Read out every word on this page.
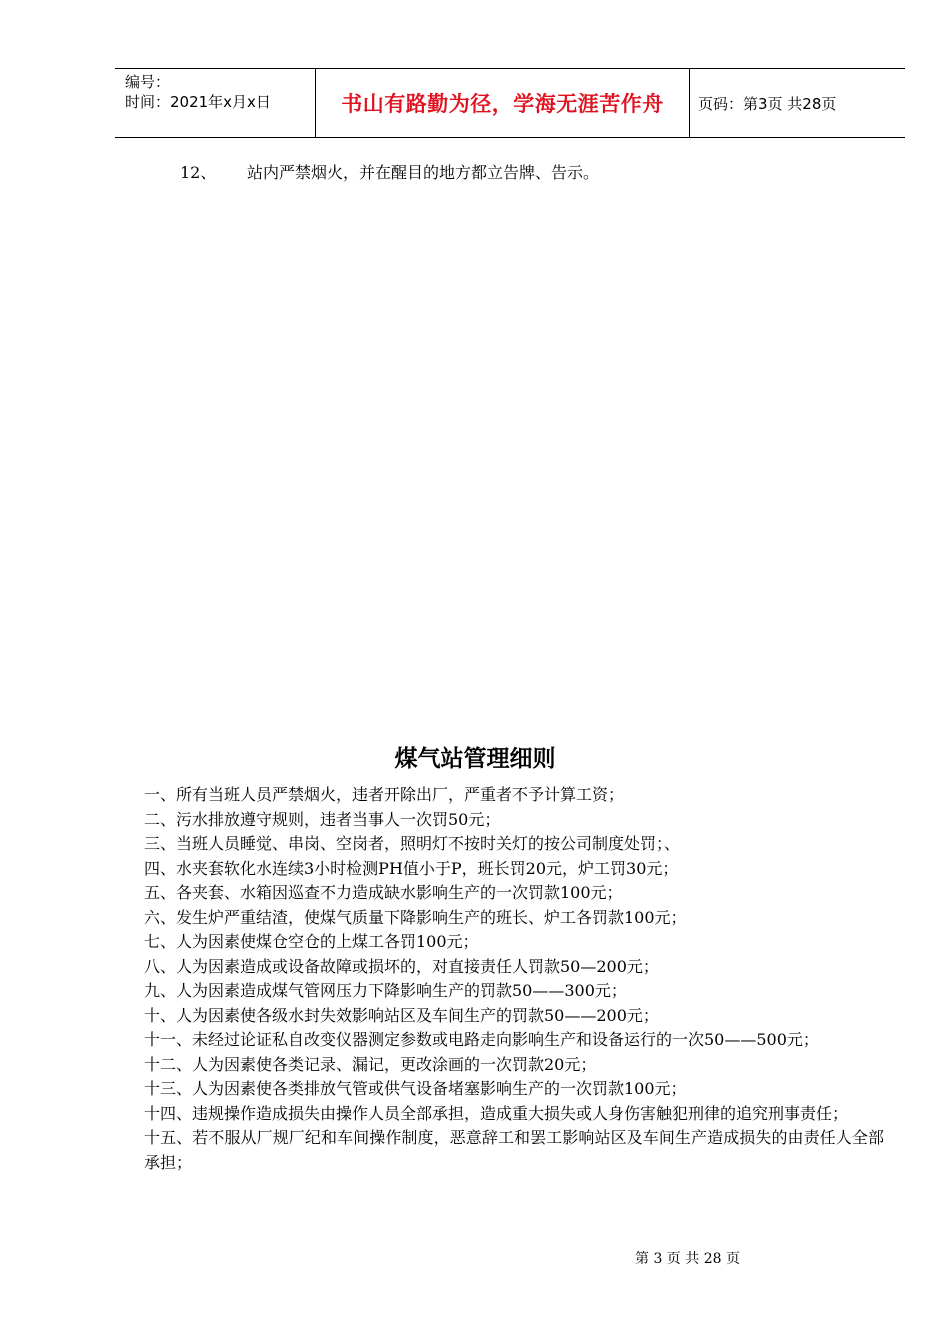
编号：
时间：2021年x月x日	书山有路勤为径，学海无涯苦作舟	页码：第3页 共28页
12、 站内严禁烟火，并在醒目的地方都立告牌、告示。
煤气站管理细则
一、所有当班人员严禁烟火，违者开除出厂，严重者不予计算工资；
二、污水排放遵守规则，违者当事人一次罚50元；
三、当班人员睡觉、串岗、空岗者，照明灯不按时关灯的按公司制度处罚；、
四、水夹套软化水连续3小时检测PH值小于P，班长罚20元，炉工罚30元；
五、各夹套、水箱因巡查不力造成缺水影响生产的一次罚款100元；
六、发生炉严重结渣，使煤气质量下降影响生产的班长、炉工各罚款100元；
七、人为因素使煤仓空仓的上煤工各罚100元；
八、人为因素造成或设备故障或损坏的，对直接责任人罚款50—200元；
九、人为因素造成煤气管网压力下降影响生产的罚款50——300元；
十、人为因素使各级水封失效影响站区及车间生产的罚款50——200元；
十一、未经过论证私自改变仪器测定参数或电路走向影响生产和设备运行的一次50——500元；
十二、人为因素使各类记录、漏记，更改涂画的一次罚款20元；
十三、人为因素使各类排放气管或供气设备堵塞影响生产的一次罚款100元；
十四、违规操作造成损失由操作人员全部承担，造成重大损失或人身伤害触犯刑律的追究刑事责任；
十五、若不服从厂规厂纪和车间操作制度，恶意辞工和罢工影响站区及车间生产造成损失的由责任人全部承担；
第 3 页 共 28 页
